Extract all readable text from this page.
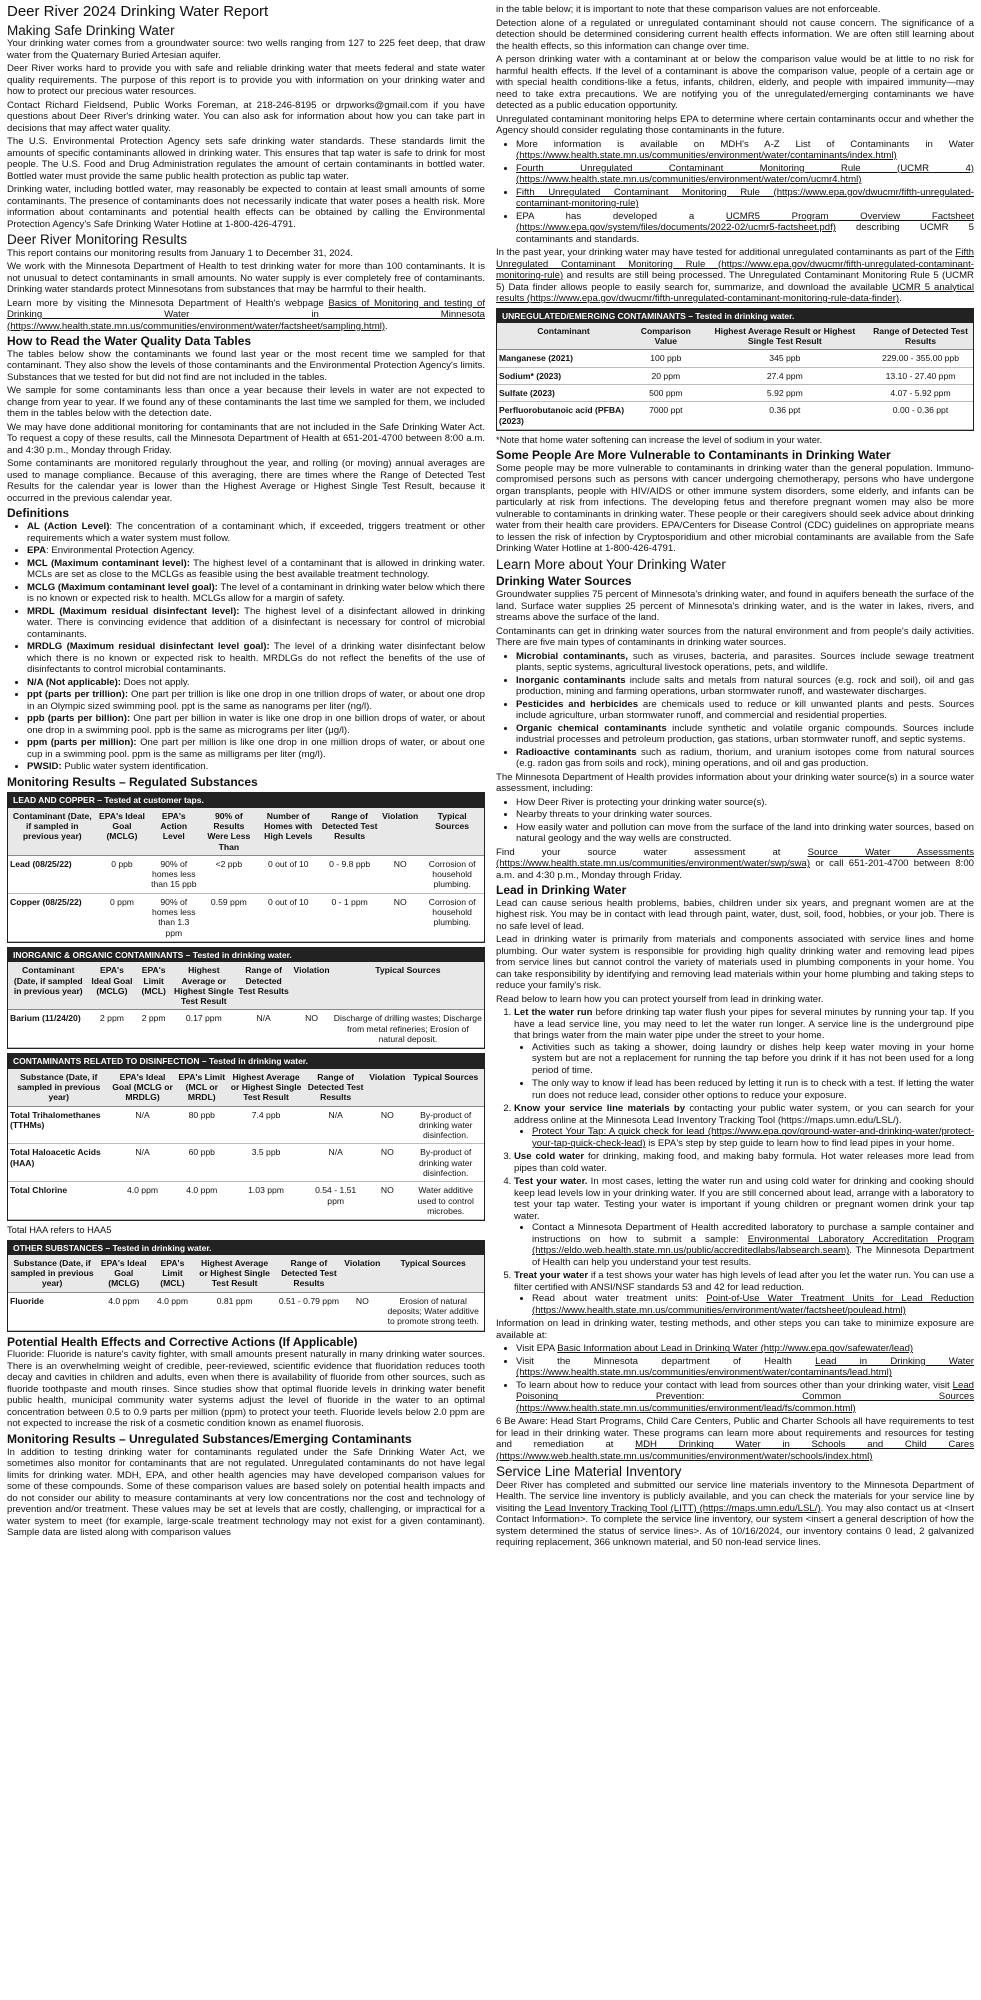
Deer River 2024 Drinking Water Report
Making Safe Drinking Water

Your drinking water comes from a groundwater source: two wells ranging from 127 to 225 feet deep, that draw water from the Quaternary Buried Artesian aquifer.

Deer River works hard to provide you with safe and reliable drinking water that meets federal and state water quality requirements. The purpose of this report is to provide you with information on your drinking water and how to protect our precious water resources.

Contact Richard Fieldsend, Public Works Foreman, at 218-246-8195 or drpworks@gmail.com if you have questions about Deer River's drinking water. You can also ask for information about how you can take part in decisions that may affect water quality.

The U.S. Environmental Protection Agency sets safe drinking water standards. These standards limit the amounts of specific contaminants allowed in drinking water. This ensures that tap water is safe to drink for most people. The U.S. Food and Drug Administration regulates the amount of certain contaminants in bottled water. Bottled water must provide the same public health protection as public tap water.

Drinking water, including bottled water, may reasonably be expected to contain at least small amounts of some contaminants. The presence of contaminants does not necessarily indicate that water poses a health risk. More information about contaminants and potential health effects can be obtained by calling the Environmental Protection Agency's Safe Drinking Water Hotline at 1-800-426-4791.

Deer River Monitoring Results

This report contains our monitoring results from January 1 to December 31, 2024.

We work with the Minnesota Department of Health to test drinking water for more than 100 contaminants. It is not unusual to detect contaminants in small amounts. No water supply is ever completely free of contaminants. Drinking water standards protect Minnesotans from substances that may be harmful to their health.

Learn more by visiting the Minnesota Department of Health's webpage Basics of Monitoring and testing of Drinking Water in Minnesota (https://www.health.state.mn.us/communities/environment/water/factsheet/sampling.html).

How to Read the Water Quality Data Tables

The tables below show the contaminants we found last year or the most recent time we sampled for that contaminant. They also show the levels of those contaminants and the Environmental Protection Agency's limits. Substances that we tested for but did not find are not included in the tables.

We sample for some contaminants less than once a year because their levels in water are not expected to change from year to year. If we found any of these contaminants the last time we sampled for them, we included them in the tables below with the detection date.

We may have done additional monitoring for contaminants that are not included in the Safe Drinking Water Act. To request a copy of these results, call the Minnesota Department of Health at 651-201-4700 between 8:00 a.m. and 4:30 p.m., Monday through Friday.

Some contaminants are monitored regularly throughout the year, and rolling (or moving) annual averages are used to manage compliance. Because of this averaging, there are times where the Range of Detected Test Results for the calendar year is lower than the Highest Average or Highest Single Test Result, because it occurred in the previous calendar year.

Definitions
• AL (Action Level): The concentration of a contaminant which, if exceeded, triggers treatment or other requirements which a water system must follow.
• EPA: Environmental Protection Agency.
• MCL (Maximum contaminant level): The highest level of a contaminant that is allowed in drinking water. MCLs are set as close to the MCLGs as feasible using the best available treatment technology.
• MCLG (Maximum contaminant level goal): The level of a contaminant in drinking water below which there is no known or expected risk to health. MCLGs allow for a margin of safety.
• MRDL (Maximum residual disinfectant level): The highest level of a disinfectant allowed in drinking water. There is convincing evidence that addition of a disinfectant is necessary for control of microbial contaminants.
• MRDLG (Maximum residual disinfectant level goal): The level of a drinking water disinfectant below which there is no known or expected risk to health. MRDLGs do not reflect the benefits of the use of disinfectants to control microbial contaminants.
• N/A (Not applicable): Does not apply.
• ppt (parts per trillion): One part per trillion is like one drop in one trillion drops of water, or about one drop in an Olympic sized swimming pool. ppt is the same as nanograms per liter (ng/l).
• ppb (parts per billion): One part per billion in water is like one drop in one billion drops of water, or about one drop in a swimming pool. ppb is the same as micrograms per liter (μg/l).
• ppm (parts per million): One part per million is like one drop in one million drops of water, or about one cup in a swimming pool. ppm is the same as milligrams per liter (mg/l).
• PWSID: Public water system identification.
Monitoring Results – Regulated Substances
LEAD AND COPPER – Tested at customer taps.
Contaminant (Date, if sampled in previous year)	EPA's Ideal Goal (MCLG)	EPA's Action Level	90% of Results Were Less Than	Number of Homes with High Levels	Range of Detected Test Results	Violation	Typical Sources
Lead (08/25/22)	0 ppb	90% of homes less than 15 ppb	<2 ppb	0 out of 10	0 - 9.8 ppb	NO	Corrosion of household plumbing.
Copper (08/25/22)	0 ppm	90% of homes less than 1.3 ppm	0.59 ppm	0 out of 10	0 - 1 ppm	NO	Corrosion of household plumbing.
INORGANIC & ORGANIC CONTAMINANTS – Tested in drinking water.
Contaminant (Date, if sampled in previous year)	EPA's Ideal Goal (MCLG)	EPA's Limit (MCL)	Highest Average or Highest Single Test Result	Range of Detected Test Results	Violation	Typical Sources
Barium (11/24/20)	2 ppm	2 ppm	0.17 ppm	N/A	NO	Discharge of drilling wastes; Discharge from metal refineries; Erosion of natural deposit.
CONTAMINANTS RELATED TO DISINFECTION – Tested in drinking water.
Substance (Date, if sampled in previous year)	EPA's Ideal Goal (MCLG or MRDLG)	EPA's Limit (MCL or MRDL)	Highest Average or Highest Single Test Result	Range of Detected Test Results	Violation	Typical Sources
Total Trihalomethanes (TTHMs)	N/A	80 ppb	7.4 ppb	N/A	NO	By-product of drinking water disinfection.
Total Haloacetic Acids (HAA)	N/A	60 ppb	3.5 ppb	N/A	NO	By-product of drinking water disinfection.
Total Chlorine	4.0 ppm	4.0 ppm	1.03 ppm	0.54 - 1.51 ppm	NO	Water additive used to control microbes.
Total HAA refers to HAA5
OTHER SUBSTANCES – Tested in drinking water.
Substance (Date, if sampled in previous year)	EPA's Ideal Goal (MCLG)	EPA's Limit (MCL)	Highest Average or Highest Single Test Result	Range of Detected Test Results	Violation	Typical Sources
Fluoride	4.0 ppm	4.0 ppm	0.81 ppm	0.51 - 0.79 ppm	NO	Erosion of natural deposits; Water additive to promote strong teeth.
Potential Health Effects and Corrective Actions (If Applicable)

Fluoride: Fluoride is nature's cavity fighter, with small amounts present naturally in many drinking water sources. There is an overwhelming weight of credible, peer-reviewed, scientific evidence that fluoridation reduces tooth decay and cavities in children and adults, even when there is availability of fluoride from other sources, such as fluoride toothpaste and mouth rinses. Since studies show that optimal fluoride levels in drinking water benefit public health, municipal community water systems adjust the level of fluoride in the water to an optimal concentration between 0.5 to 0.9 parts per million (ppm) to protect your teeth. Fluoride levels below 2.0 ppm are not expected to increase the risk of a cosmetic condition known as enamel fluorosis.

Monitoring Results – Unregulated Substances/Emerging Contaminants

In addition to testing drinking water for contaminants regulated under the Safe Drinking Water Act, we sometimes also monitor for contaminants that are not regulated. Unregulated contaminants do not have legal limits for drinking water. MDH, EPA, and other health agencies may have developed comparison values for some of these compounds. Some of these comparison values are based solely on potential health impacts and do not consider our ability to measure contaminants at very low concentrations nor the cost and technology of prevention and/or treatment. These values may be set at levels that are costly, challenging, or impractical for a water system to meet (for example, large-scale treatment technology may not exist for a given contaminant). Sample data are listed along with comparison values

in the table below; it is important to note that these comparison values are not enforceable.

Detection alone of a regulated or unregulated contaminant should not cause concern. The significance of a detection should be determined considering current health effects information. We are often still learning about the health effects, so this information can change over time.

A person drinking water with a contaminant at or below the comparison value would be at little to no risk for harmful health effects. If the level of a contaminant is above the comparison value, people of a certain age or with special health conditions-like a fetus, infants, children, elderly, and people with impaired immunity—may need to take extra precautions. We are notifying you of the unregulated/emerging contaminants we have detected as a public education opportunity.

Unregulated contaminant monitoring helps EPA to determine where certain contaminants occur and whether the Agency should consider regulating those contaminants in the future.

• More information is available on MDH's A-Z List of Contaminants in Water (https://www.health.state.mn.us/communities/environment/water/contaminants/index.html)
• Fourth Unregulated Contaminant Monitoring Rule (UCMR 4) (https://www.health.state.mn.us/communities/environment/water/com/ucmr4.html)
• Fifth Unregulated Contaminant Monitoring Rule (https://www.epa.gov/dwucmr/fifth-unregulated-contaminant-monitoring-rule)
• EPA has developed a UCMR5 Program Overview Factsheet (https://www.epa.gov/system/files/documents/2022-02/ucmr5-factsheet.pdf) describing UCMR 5 contaminants and standards.

In the past year, your drinking water may have tested for additional unregulated contaminants as part of the Fifth Unregulated Contaminant Monitoring Rule (https://www.epa.gov/dwucmr/fifth-unregulated-contaminant-monitoring-rule) and results are still being processed. The Unregulated Contaminant Monitoring Rule 5 (UCMR 5) Data finder allows people to easily search for, summarize, and download the available UCMR 5 analytical results (https://www.epa.gov/dwucmr/fifth-unregulated-contaminant-monitoring-rule-data-finder).

UNREGULATED/EMERGING CONTAMINANTS – Tested in drinking water.
Contaminant	Comparison Value	Highest Average Result or Highest Single Test Result	Range of Detected Test Results
Manganese (2021)	100 ppb	345 ppb	229.00 - 355.00 ppb
Sodium* (2023)	20 ppm	27.4 ppm	13.10 - 27.40 ppm
Sulfate (2023)	500 ppm	5.92 ppm	4.07 - 5.92 ppm
Perfluorobutanoic acid (PFBA) (2023)	7000 ppt	0.36 ppt	0.00 - 0.36 ppt
*Note that home water softening can increase the level of sodium in your water.
Some People Are More Vulnerable to Contaminants in Drinking Water

Some people may be more vulnerable to contaminants in drinking water than the general population. Immuno-compromised persons such as persons with cancer undergoing chemotherapy, persons who have undergone organ transplants, people with HIV/AIDS or other immune system disorders, some elderly, and infants can be particularly at risk from infections. The developing fetus and therefore pregnant women may also be more vulnerable to contaminants in drinking water. These people or their caregivers should seek advice about drinking water from their health care providers. EPA/Centers for Disease Control (CDC) guidelines on appropriate means to lessen the risk of infection by Cryptosporidium and other microbial contaminants are available from the Safe Drinking Water Hotline at 1-800-426-4791.

Learn More about Your Drinking Water
Drinking Water Sources

Groundwater supplies 75 percent of Minnesota's drinking water, and found in aquifers beneath the surface of the land. Surface water supplies 25 percent of Minnesota's drinking water, and is the water in lakes, rivers, and streams above the surface of the land.

Contaminants can get in drinking water sources from the natural environment and from people's daily activities. There are five main types of contaminants in drinking water sources.

• Microbial contaminants, such as viruses, bacteria, and parasites. Sources include sewage treatment plants, septic systems, agricultural livestock operations, pets, and wildlife.
• Inorganic contaminants include salts and metals from natural sources (e.g. rock and soil), oil and gas production, mining and farming operations, urban stormwater runoff, and wastewater discharges.
• Pesticides and herbicides are chemicals used to reduce or kill unwanted plants and pests. Sources include agriculture, urban stormwater runoff, and commercial and residential properties.
• Organic chemical contaminants include synthetic and volatile organic compounds. Sources include industrial processes and petroleum production, gas stations, urban stormwater runoff, and septic systems.
• Radioactive contaminants such as radium, thorium, and uranium isotopes come from natural sources (e.g. radon gas from soils and rock), mining operations, and oil and gas production.

The Minnesota Department of Health provides information about your drinking water source(s) in a source water assessment, including:

• How Deer River is protecting your drinking water source(s).
• Nearby threats to your drinking water sources.
• How easily water and pollution can move from the surface of the land into drinking water sources, based on natural geology and the way wells are constructed.

Find your source water assessment at Source Water Assessments (https://www.health.state.mn.us/communities/environment/water/swp/swa) or call 651-201-4700 between 8:00 a.m. and 4:30 p.m., Monday through Friday.

Lead in Drinking Water

Lead can cause serious health problems, babies, children under six years, and pregnant women are at the highest risk. You may be in contact with lead through paint, water, dust, soil, food, hobbies, or your job. There is no safe level of lead.

Lead in drinking water is primarily from materials and components associated with service lines and home plumbing. Our water system is responsible for providing high quality drinking water and removing lead pipes from service lines but cannot control the variety of materials used in plumbing components in your home. You can take responsibility by identifying and removing lead materials within your home plumbing and taking steps to reduce your family's risk.

Read below to learn how you can protect yourself from lead in drinking water.

1. Let the water run before drinking tap water flush your pipes for several minutes by running your tap. If you have a lead service line, you may need to let the water run longer. A service line is the underground pipe that brings water from the main water pipe under the street to your home.
• Activities such as taking a shower, doing laundry or dishes help keep water moving in your home system but are not a replacement for running the tap before you drink if it has not been used for a long period of time.
• The only way to know if lead has been reduced by letting it run is to check with a test. If letting the water run does not reduce lead, consider other options to reduce your exposure.
2. Know your service line materials by contacting your public water system, or you can search for your address online at the Minnesota Lead Inventory Tracking Tool (https://maps.umn.edu/LSL/).
• Protect Your Tap: A quick check for lead (https://www.epa.gov/ground-water-and-drinking-water/protect-your-tap-quick-check-lead) is EPA's step by step guide to learn how to find lead pipes in your home.
3. Use cold water for drinking, making food, and making baby formula. Hot water releases more lead from pipes than cold water.
4. Test your water. In most cases, letting the water run and using cold water for drinking and cooking should keep lead levels low in your drinking water. If you are still concerned about lead, arrange with a laboratory to test your tap water. Testing your water is important if young children or pregnant women drink your tap water.
• Contact a Minnesota Department of Health accredited laboratory to purchase a sample container and instructions on how to submit a sample: Environmental Laboratory Accreditation Program (https://eldo.web.health.state.mn.us/public/accreditedlabs/labsearch.seam). The Minnesota Department of Health can help you understand your test results.
5. Treat your water if a test shows your water has high levels of lead after you let the water run. You can use a filter certified with ANSI/NSF standards 53 and 42 for lead reduction.
• Read about water treatment units: Point-of-Use Water Treatment Units for Lead Reduction (https://www.health.state.mn.us/communities/environment/water/factsheet/poulead.html)

Information on lead in drinking water, testing methods, and other steps you can take to minimize exposure are available at:

• Visit EPA Basic Information about Lead in Drinking Water (http://www.epa.gov/safewater/lead)
• Visit the Minnesota department of Health Lead in Drinking Water (https://www.health.state.mn.us/communities/environment/water/contaminants/lead.html)
• To learn about how to reduce your contact with lead from sources other than your drinking water, visit Lead Poisoning Prevention: Common Sources (https://www.health.state.mn.us/communities/environment/lead/fs/common.html)

6 Be Aware: Head Start Programs, Child Care Centers, Public and Charter Schools all have requirements to test for lead in their drinking water. These programs can learn more about requirements and resources for testing and remediation at MDH Drinking Water in Schools and Child Cares (https://www.web.health.state.mn.us/communities/environment/water/schools/index.html)

Service Line Material Inventory

Deer River has completed and submitted our service line materials inventory to the Minnesota Department of Health. The service line inventory is publicly available, and you can check the materials for your service line by visiting the Lead Inventory Tracking Tool (LITT) (https://maps.umn.edu/LSL/). You may also contact us at <Insert Contact Information>. To complete the service line inventory, our system <insert a general description of how the system determined the status of service lines>. As of 10/16/2024, our inventory contains 0 lead, 2 galvanized requiring replacement, 366 unknown material, and 50 non-lead service lines.
